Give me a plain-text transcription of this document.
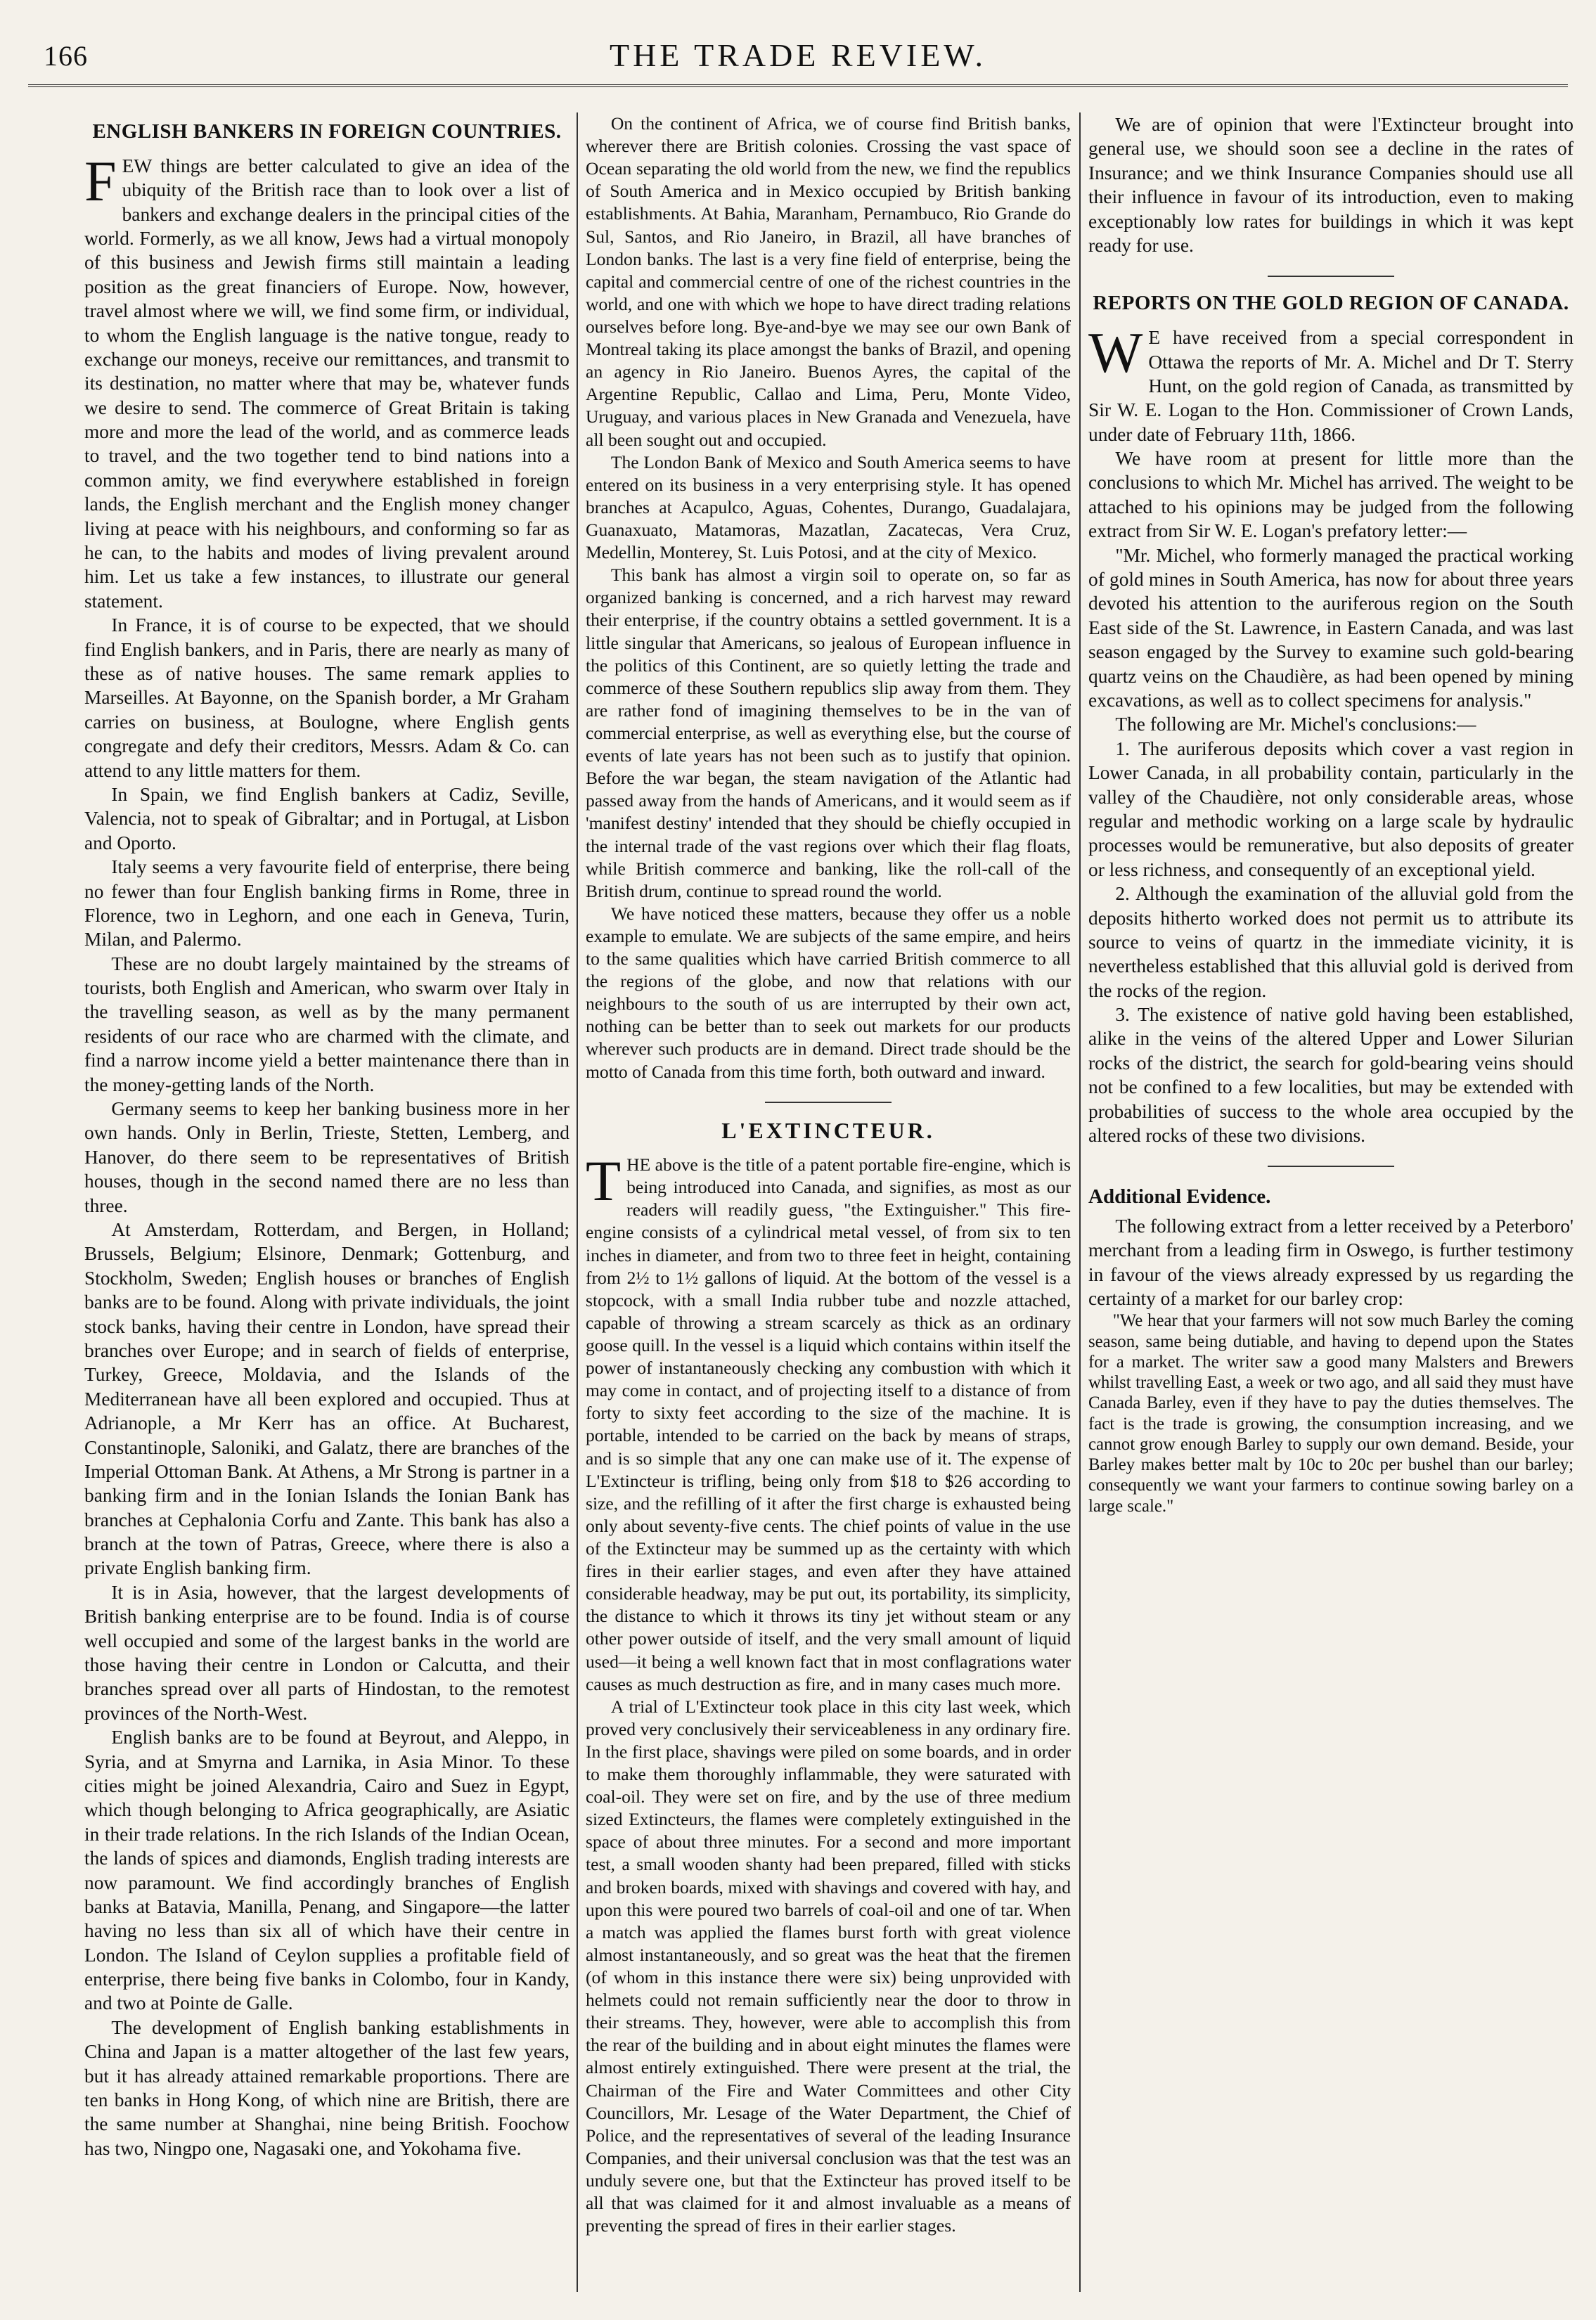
166	THE TRADE REVIEW.
ENGLISH BANKERS IN FOREIGN COUNTRIES.

FEW things are better calculated to give an idea of the ubiquity of the British race than to look over a list of bankers and exchange dealers in the principal cities of the world. Formerly, as we all know, Jews had a virtual monopoly of this business and Jewish firms still maintain a leading position as the great financiers of Europe. Now, however, travel almost where we will, we find some firm, or individual, to whom the English language is the native tongue, ready to exchange our moneys, receive our remittances, and transmit to its destination, no matter where that may be, whatever funds we desire to send. The commerce of Great Britain is taking more and more the lead of the world, and as commerce leads to travel, and the two together tend to bind nations into a common amity, we find everywhere established in foreign lands, the English merchant and the English money changer living at peace with his neighbours, and conforming so far as he can, to the habits and modes of living prevalent around him. Let us take a few instances, to illustrate our general statement.

In France, it is of course to be expected, that we should find English bankers, and in Paris, there are nearly as many of these as of native houses. The same remark applies to Marseilles. At Bayonne, on the Spanish border, a Mr Graham carries on business, at Boulogne, where English gents congregate and defy their creditors, Messrs. Adam & Co. can attend to any little matters for them.

In Spain, we find English bankers at Cadiz, Seville, Valencia, not to speak of Gibraltar; and in Portugal, at Lisbon and Oporto.

Italy seems a very favourite field of enterprise, there being no fewer than four English banking firms in Rome, three in Florence, two in Leghorn, and one each in Geneva, Turin, Milan, and Palermo.

These are no doubt largely maintained by the streams of tourists, both English and American, who swarm over Italy in the travelling season, as well as by the many permanent residents of our race who are charmed with the climate, and find a narrow income yield a better maintenance there than in the money-getting lands of the North.

Germany seems to keep her banking business more in her own hands. Only in Berlin, Trieste, Stetten, Lemberg, and Hanover, do there seem to be representatives of British houses, though in the second named there are no less than three.

At Amsterdam, Rotterdam, and Bergen, in Holland; Brussels, Belgium; Elsinore, Denmark; Gottenburg, and Stockholm, Sweden; English houses or branches of English banks are to be found. Along with private individuals, the joint stock banks, having their centre in London, have spread their branches over Europe; and in search of fields of enterprise, Turkey, Greece, Moldavia, and the Islands of the Mediterranean have all been explored and occupied. Thus at Adrianople, a Mr Kerr has an office. At Bucharest, Constantinople, Saloniki, and Galatz, there are branches of the Imperial Ottoman Bank. At Athens, a Mr Strong is partner in a banking firm and in the Ionian Islands the Ionian Bank has branches at Cephalonia Corfu and Zante. This bank has also a branch at the town of Patras, Greece, where there is also a private English banking firm.

It is in Asia, however, that the largest developments of British banking enterprise are to be found. India is of course well occupied and some of the largest banks in the world are those having their centre in London or Calcutta, and their branches spread over all parts of Hindostan, to the remotest provinces of the North-West.

English banks are to be found at Beyrout, and Aleppo, in Syria, and at Smyrna and Larnika, in Asia Minor. To these cities might be joined Alexandria, Cairo and Suez in Egypt, which though belonging to Africa geographically, are Asiatic in their trade relations. In the rich Islands of the Indian Ocean, the lands of spices and diamonds, English trading interests are now paramount. We find accordingly branches of English banks at Batavia, Manilla, Penang, and Singapore—the latter having no less than six all of which have their centre in London. The Island of Ceylon supplies a profitable field of enterprise, there being five banks in Colombo, four in Kandy, and two at Pointe de Galle.

The development of English banking establishments in China and Japan is a matter altogether of the last few years, but it has already attained remarkable proportions. There are ten banks in Hong Kong, of which nine are British, there are the same number at Shanghai, nine being British. Foochow has two, Ningpo one, Nagasaki one, and Yokohama five.

On the continent of Africa, we of course find British banks, wherever there are British colonies. Crossing the vast space of Ocean separating the old world from the new, we find the republics of South America and in Mexico occupied by British banking establishments. At Bahia, Maranham, Pernambuco, Rio Grande do Sul, Santos, and Rio Janeiro, in Brazil, all have branches of London banks. The last is a very fine field of enterprise, being the capital and commercial centre of one of the richest countries in the world, and one with which we hope to have direct trading relations ourselves before long. Bye-and-bye we may see our own Bank of Montreal taking its place amongst the banks of Brazil, and opening an agency in Rio Janeiro. Buenos Ayres, the capital of the Argentine Republic, Callao and Lima, Peru, Monte Video, Uruguay, and various places in New Granada and Venezuela, have all been sought out and occupied.

The London Bank of Mexico and South America seems to have entered on its business in a very enterprising style. It has opened branches at Acapulco, Aguas, Cohentes, Durango, Guadalajara, Guanaxuato, Matamoras, Mazatlan, Zacatecas, Vera Cruz, Medellin, Monterey, St. Luis Potosi, and at the city of Mexico.

This bank has almost a virgin soil to operate on, so far as organized banking is concerned, and a rich harvest may reward their enterprise, if the country obtains a settled government. It is a little singular that Americans, so jealous of European influence in the politics of this Continent, are so quietly letting the trade and commerce of these Southern republics slip away from them. They are rather fond of imagining themselves to be in the van of commercial enterprise, as well as everything else, but the course of events of late years has not been such as to justify that opinion. Before the war began, the steam navigation of the Atlantic had passed away from the hands of Americans, and it would seem as if 'manifest destiny' intended that they should be chiefly occupied in the internal trade of the vast regions over which their flag floats, while British commerce and banking, like the roll-call of the British drum, continue to spread round the world.

We have noticed these matters, because they offer us a noble example to emulate. We are subjects of the same empire, and heirs to the same qualities which have carried British commerce to all the regions of the globe, and now that relations with our neighbours to the south of us are interrupted by their own act, nothing can be better than to seek out markets for our products wherever such products are in demand. Direct trade should be the motto of Canada from this time forth, both outward and inward.

L'EXTINCTEUR.

THE above is the title of a patent portable fire-engine, which is being introduced into Canada, and signifies, as most as our readers will readily guess, "the Extinguisher." This fire-engine consists of a cylindrical metal vessel, of from six to ten inches in diameter, and from two to three feet in height, containing from 2½ to 1½ gallons of liquid. At the bottom of the vessel is a stopcock, with a small India rubber tube and nozzle attached, capable of throwing a stream scarcely as thick as an ordinary goose quill. In the vessel is a liquid which contains within itself the power of instantaneously checking any combustion with which it may come in contact, and of projecting itself to a distance of from forty to sixty feet according to the size of the machine. It is portable, intended to be carried on the back by means of straps, and is so simple that any one can make use of it. The expense of L'Extincteur is trifling, being only from $18 to $26 according to size, and the refilling of it after the first charge is exhausted being only about seventy-five cents. The chief points of value in the use of the Extincteur may be summed up as the certainty with which fires in their earlier stages, and even after they have attained considerable headway, may be put out, its portability, its simplicity, the distance to which it throws its tiny jet without steam or any other power outside of itself, and the very small amount of liquid used—it being a well known fact that in most conflagrations water causes as much destruction as fire, and in many cases much more.

A trial of L'Extincteur took place in this city last week, which proved very conclusively their serviceableness in any ordinary fire. In the first place, shavings were piled on some boards, and in order to make them thoroughly inflammable, they were saturated with coal-oil. They were set on fire, and by the use of three medium sized Extincteurs, the flames were completely extinguished in the space of about three minutes. For a second and more important test, a small wooden shanty had been prepared, filled with sticks and broken boards, mixed with shavings and covered with hay, and upon this were poured two barrels of coal-oil and one of tar. When a match was applied the flames burst forth with great violence almost instantaneously, and so great was the heat that the firemen (of whom in this instance there were six) being unprovided with helmets could not remain sufficiently near the door to throw in their streams. They, however, were able to accomplish this from the rear of the building and in about eight minutes the flames were almost entirely extinguished. There were present at the trial, the Chairman of the Fire and Water Committees and other City Councillors, Mr. Lesage of the Water Department, the Chief of Police, and the representatives of several of the leading Insurance Companies, and their universal conclusion was that the test was an unduly severe one, but that the Extincteur has proved itself to be all that was claimed for it and almost invaluable as a means of preventing the spread of fires in their earlier stages.

We are of opinion that were l'Extincteur brought into general use, we should soon see a decline in the rates of Insurance; and we think Insurance Companies should use all their influence in favour of its introduction, even to making exceptionably low rates for buildings in which it was kept ready for use.

REPORTS ON THE GOLD REGION OF CANADA.

W E have received from a special correspondent in Ottawa the reports of Mr. A. Michel and Dr T. Sterry Hunt, on the gold region of Canada, as transmitted by Sir W. E. Logan to the Hon. Commissioner of Crown Lands, under date of February 11th, 1866.

We have room at present for little more than the conclusions to which Mr. Michel has arrived. The weight to be attached to his opinions may be judged from the following extract from Sir W. E. Logan's prefatory letter:—

"Mr. Michel, who formerly managed the practical working of gold mines in South America, has now for about three years devoted his attention to the auriferous region on the South East side of the St. Lawrence, in Eastern Canada, and was last season engaged by the Survey to examine such gold-bearing quartz veins on the Chaudière, as had been opened by mining excavations, as well as to collect specimens for analysis."

The following are Mr. Michel's conclusions:—

1. The auriferous deposits which cover a vast region in Lower Canada, in all probability contain, particularly in the valley of the Chaudière, not only considerable areas, whose regular and methodic working on a large scale by hydraulic processes would be remunerative, but also deposits of greater or less richness, and consequently of an exceptional yield.

2. Although the examination of the alluvial gold from the deposits hitherto worked does not permit us to attribute its source to veins of quartz in the immediate vicinity, it is nevertheless established that this alluvial gold is derived from the rocks of the region.

3. The existence of native gold having been established, alike in the veins of the altered Upper and Lower Silurian rocks of the district, the search for gold-bearing veins should not be confined to a few localities, but may be extended with probabilities of success to the whole area occupied by the altered rocks of these two divisions.

Additional Evidence.

The following extract from a letter received by a Peterboro' merchant from a leading firm in Oswego, is further testimony in favour of the views already expressed by us regarding the certainty of a market for our barley crop:

"We hear that your farmers will not sow much Barley the coming season, same being dutiable, and having to depend upon the States for a market. The writer saw a good many Malsters and Brewers whilst travelling East, a week or two ago, and all said they must have Canada Barley, even if they have to pay the duties themselves. The fact is the trade is growing, the consumption increasing, and we cannot grow enough Barley to supply our own demand. Beside, your Barley makes better malt by 10c to 20c per bushel than our barley; consequently we want your farmers to continue sowing barley on a large scale."
